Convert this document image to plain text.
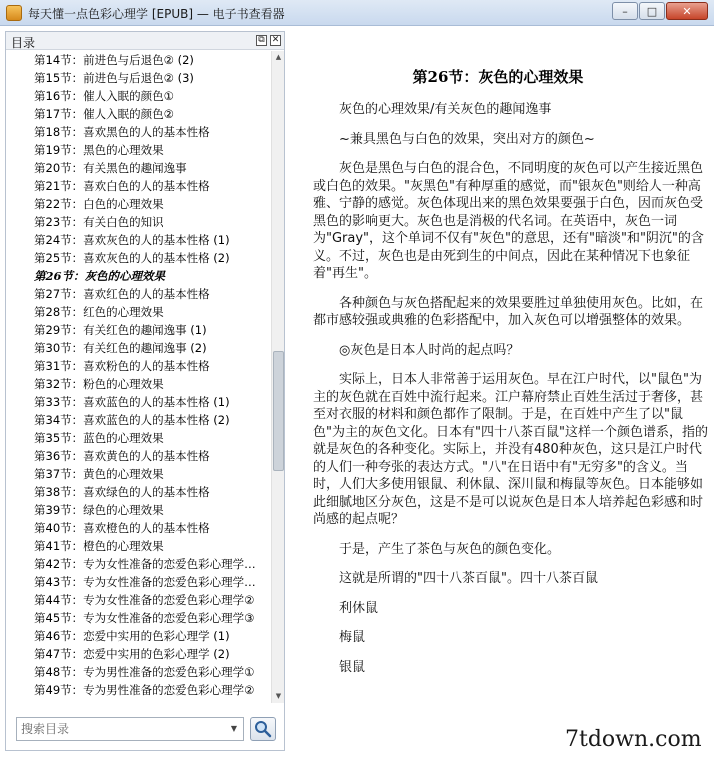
每天懂一点色彩心理学 [EPUB] — 电子书查看器	–	□	✕
目录	⧉ ✕
第14节：前进色与后退色② (2)
第15节：前进色与后退色② (3)
第16节：催人入眠的颜色①
第17节：催人入眠的颜色②
第18节：喜欢黑色的人的基本性格
第19节：黑色的心理效果
第20节：有关黑色的趣闻逸事
第21节：喜欢白色的人的基本性格
第22节：白色的心理效果
第23节：有关白色的知识
第24节：喜欢灰色的人的基本性格 (1)
第25节：喜欢灰色的人的基本性格 (2)
第26节：灰色的心理效果
第27节：喜欢红色的人的基本性格
第28节：红色的心理效果
第29节：有关红色的趣闻逸事 (1)
第30节：有关红色的趣闻逸事 (2)
第31节：喜欢粉色的人的基本性格
第32节：粉色的心理效果
第33节：喜欢蓝色的人的基本性格 (1)
第34节：喜欢蓝色的人的基本性格 (2)
第35节：蓝色的心理效果
第36节：喜欢黄色的人的基本性格
第37节：黄色的心理效果
第38节：喜欢绿色的人的基本性格
第39节：绿色的心理效果
第40节：喜欢橙色的人的基本性格
第41节：橙色的心理效果
第42节：专为女性准备的恋爱色彩心理学…
第43节：专为女性准备的恋爱色彩心理学…
第44节：专为女性准备的恋爱色彩心理学②
第45节：专为女性准备的恋爱色彩心理学③
第46节：恋爱中实用的色彩心理学 (1)
第47节：恋爱中实用的色彩心理学 (2)
第48节：专为男性准备的恋爱色彩心理学①
第49节：专为男性准备的恋爱色彩心理学②
▲
▼
搜索目录
▼
第26节：灰色的心理效果

灰色的心理效果/有关灰色的趣闻逸事

~兼具黑色与白色的效果，突出对方的颜色~

灰色是黑色与白色的混合色，不同明度的灰色可以产生接近黑色或白色的效果。"灰黑色"有种厚重的感觉，而"银灰色"则给人一种高雅、宁静的感觉。灰色体现出来的黑色效果要强于白色，因而灰色受黑色的影响更大。灰色也是消极的代名词。在英语中，灰色一词为"Gray"，这个单词不仅有"灰色"的意思，还有"暗淡"和"阴沉"的含义。不过，灰色也是由死到生的中间点，因此在某种情况下也象征着"再生"。

各种颜色与灰色搭配起来的效果要胜过单独使用灰色。比如，在都市感较强或典雅的色彩搭配中，加入灰色可以增强整体的效果。

◎灰色是日本人时尚的起点吗？

实际上，日本人非常善于运用灰色。早在江户时代，以"鼠色"为主的灰色就在百姓中流行起来。江户幕府禁止百姓生活过于奢侈，甚至对衣服的材料和颜色都作了限制。于是，在百姓中产生了以"鼠色"为主的灰色文化。日本有"四十八茶百鼠"这样一个颜色谱系，指的就是灰色的各种变化。实际上，并没有480种灰色，这只是江户时代的人们一种夸张的表达方式。"八"在日语中有"无穷多"的含义。当时，人们大多使用银鼠、利休鼠、深川鼠和梅鼠等灰色。日本能够如此细腻地区分灰色，这是不是可以说灰色是日本人培养起色彩感和时尚感的起点呢？

于是，产生了茶色与灰色的颜色变化。

这就是所谓的"四十八茶百鼠"。四十八茶百鼠

利休鼠

梅鼠

银鼠

7tdown.com
